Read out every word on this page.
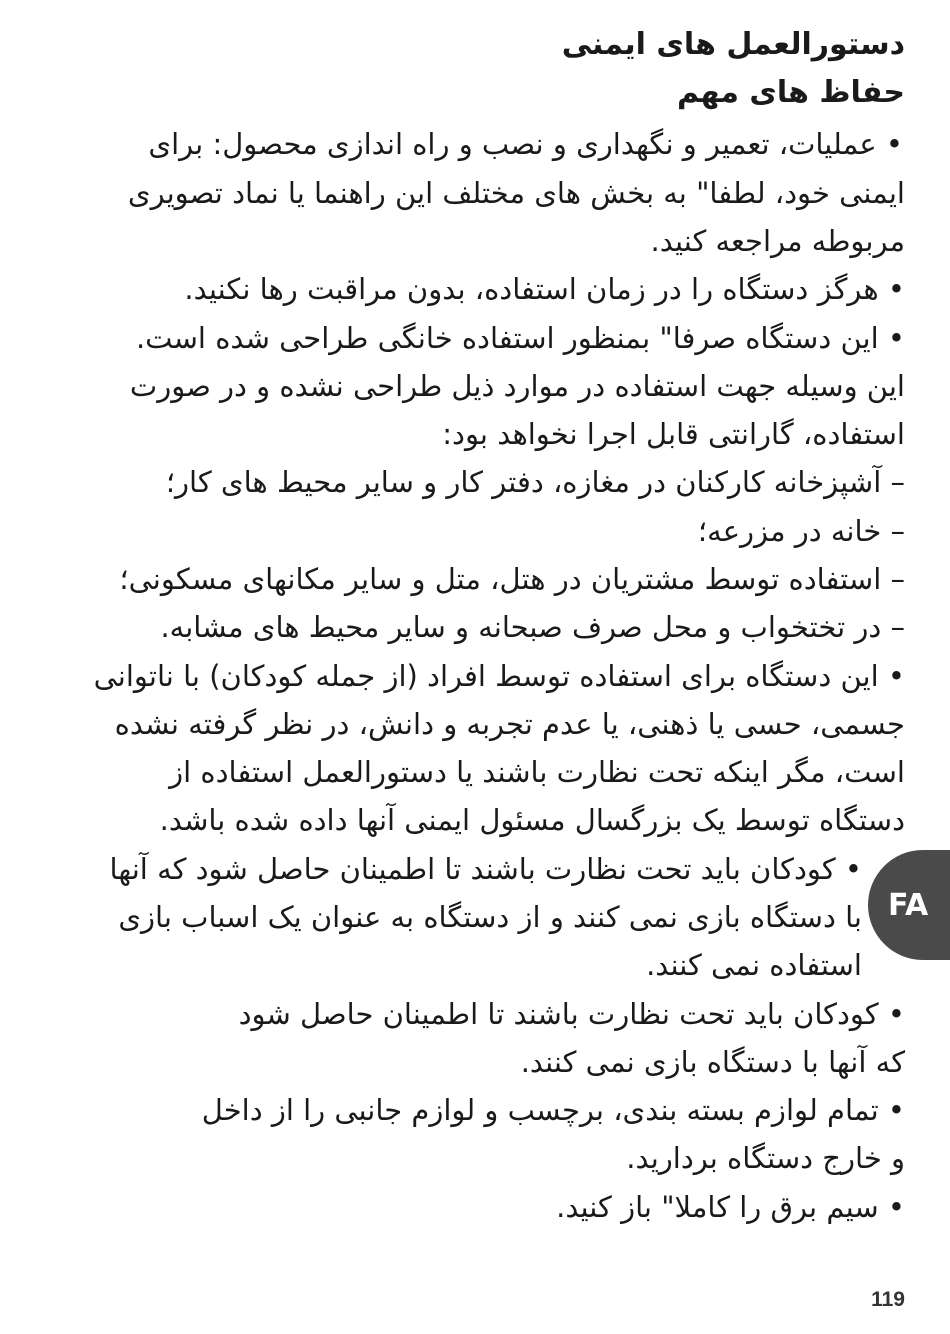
دستورالعمل های ایمنی
حفاظ های مهم
• عملیات، تعمیر و نگهداری و نصب و راه اندازی محصول: برای
ایمنی خود، لطفا" به بخش های مختلف این راهنما یا نماد تصویری
مربوطه مراجعه کنید.
• هرگز دستگاه را در زمان استفاده، بدون مراقبت رها نکنید.
• این دستگاه صرفا" بمنظور استفاده خانگی طراحی شده است.
این وسیله جهت استفاده در موارد ذیل طراحی نشده و در صورت
استفاده، گارانتی قابل اجرا نخواهد بود:
– آشپزخانه کارکنان در مغازه، دفتر کار و سایر محیط های کار؛
– خانه در مزرعه؛
– استفاده توسط مشتریان در هتل، متل و سایر مکانهای مسکونی؛
– در تختخواب و محل صرف صبحانه و سایر محیط های مشابه.
• این دستگاه برای استفاده توسط افراد (از جمله کودکان) با ناتوانی
جسمی، حسی یا ذهنی، یا عدم تجربه و دانش، در نظر گرفته نشده
است، مگر اینکه تحت نظارت باشند یا دستورالعمل استفاده از
دستگاه توسط یک بزرگسال مسئول ایمنی آنها داده شده باشد.
• کودکان باید تحت نظارت باشند تا اطمینان حاصل شود که آنها
با دستگاه بازی نمی کنند و از دستگاه به عنوان یک اسباب بازی
استفاده نمی کنند.
• کودکان باید تحت نظارت باشند تا اطمینان حاصل شود
که آنها با دستگاه بازی نمی کنند.
• تمام لوازم بسته بندی، برچسب و لوازم جانبی را از داخل
و خارج دستگاه بردارید.
• سیم برق را کاملا" باز کنید.
FA
119
